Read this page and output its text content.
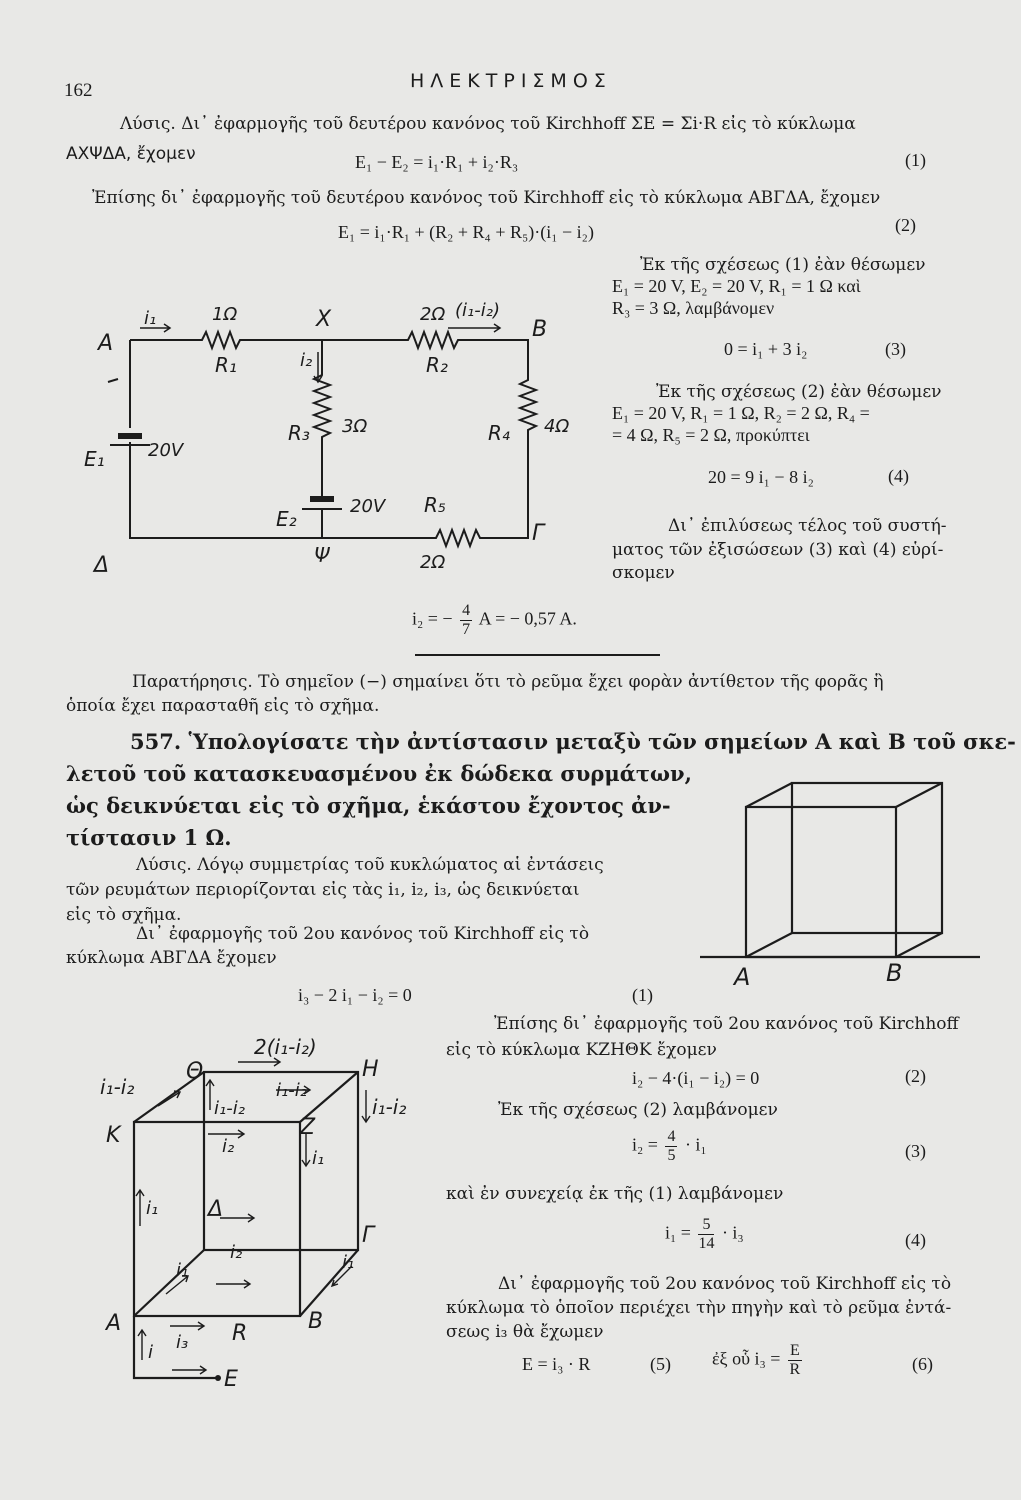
162	ΗΛΕΚΤΡΙΣΜΟΣ
Λύσις. Δι᾽ ἐφαρμογῆς τοῦ δευτέρου κανόνος τοῦ Kirchhoff ΣE = Σi·R εἰς τὸ κύκλωμα
ΑΧΨΔΑ, ἔχομεν	E₁ − E₂ = i₁·R₁ + i₂·R₃	(1)
Ἐπίσης δι᾽ ἐφαρμογῆς τοῦ δευτέρου κανόνος τοῦ Kirchhoff εἰς τὸ κύκλωμα ΑΒΓΔΑ, ἔχομεν
E₁ = i₁·R₁ + (R₂ + R₄ + R₅)·(i₁ − i₂)	(2)
Ἐκ τῆς σχέσεως (1) ἐὰν θέσωμεν
E₁ = 20 V, E₂ = 20 V, R₁ = 1 Ω καὶ
R₃ = 3 Ω, λαμβάνομεν
0 = i₁ + 3 i₂	(3)
Ἐκ τῆς σχέσεως (2) ἐὰν θέσωμεν
E₁ = 20 V, R₁ = 1 Ω, R₂ = 2 Ω, R₄ =
= 4 Ω, R₅ = 2 Ω, προκύπτει
20 = 9 i₁ − 8 i₂	(4)
Δι᾽ ἐπιλύσεως τέλος τοῦ συστή-
ματος τῶν ἐξισώσεων (3) καὶ (4) εὑρί-
σκομεν
i₂ = − $\frac{4}{7}$ A = − 0,57 A.
Παρατήρησις. Τὸ σημεῖον (−) σημαίνει ὅτι τὸ ρεῦμα ἔχει φορὰν ἀντίθετον τῆς φορᾶς ἣ
ὁποία ἔχει παρασταθῆ εἰς τὸ σχῆμα.
A
B
Γ
Δ
X
Ψ
i₁
i₂
(i₁-i₂)
1Ω
R₁
2Ω
R₂
R₃ 3Ω	R₄ 4Ω
R₅
2Ω
E₁ 20V
E₂
20V
557. Ὑπολογίσατε τὴν ἀντίστασιν μεταξὺ τῶν σημείων Α καὶ Β τοῦ σκε-
λετοῦ τοῦ κατασκευασμένου ἐκ δώδεκα συρμάτων,
ὡς δεικνύεται εἰς τὸ σχῆμα, ἑκάστου ἔχοντος ἀν-
τίστασιν 1 Ω.
A	B
Λύσις. Λόγῳ συμμετρίας τοῦ κυκλώματος αἱ ἐντάσεις
τῶν ρευμάτων περιορίζονται εἰς τὰς i₁, i₂, i₃, ὡς δεικνύεται
εἰς τὸ σχῆμα.
Δι᾽ ἐφαρμογῆς τοῦ 2ου κανόνος τοῦ Kirchhoff εἰς τὸ
κύκλωμα ΑΒΓΔΑ ἔχομεν
i₃ − 2 i₁ − i₂ = 0	(1)
Ἐπίσης δι᾽ ἐφαρμογῆς τοῦ 2ου κανόνος τοῦ Kirchhoff
εἰς τὸ κύκλωμα ΚΖΗΘΚ ἔχομεν
i₂ − 4·(i₁ − i₂) = 0	(2)
Ἐκ τῆς σχέσεως (2) λαμβάνομεν
$i_2 = \frac{4}{5} \cdot i_1$	(3)
καὶ ἐν συνεχείᾳ ἐκ τῆς (1) λαμβάνομεν
$i_1 = \frac{5}{14} \cdot i_3$	(4)
Δι᾽ ἐφαρμογῆς τοῦ 2ου κανόνος τοῦ Kirchhoff εἰς τὸ
κύκλωμα τὸ ὁποῖον περιέχει τὴν πηγὴν καὶ τὸ ρεῦμα ἐντά-
σεως i₃ θὰ ἔχωμεν
E = i₃ · R	(5) ἐξ οὗ $i_3 = \frac{E}{R}$	(6)
2(i₁-i₂)
i₁-i₂
Θ	H
i₁-i₂
i₁-i₂
i₁-i₂
K	Z
i₂
i₁
i₁ Δ
Γ
i₂
i₁	i₁
A	B
i₃ R
i
E
